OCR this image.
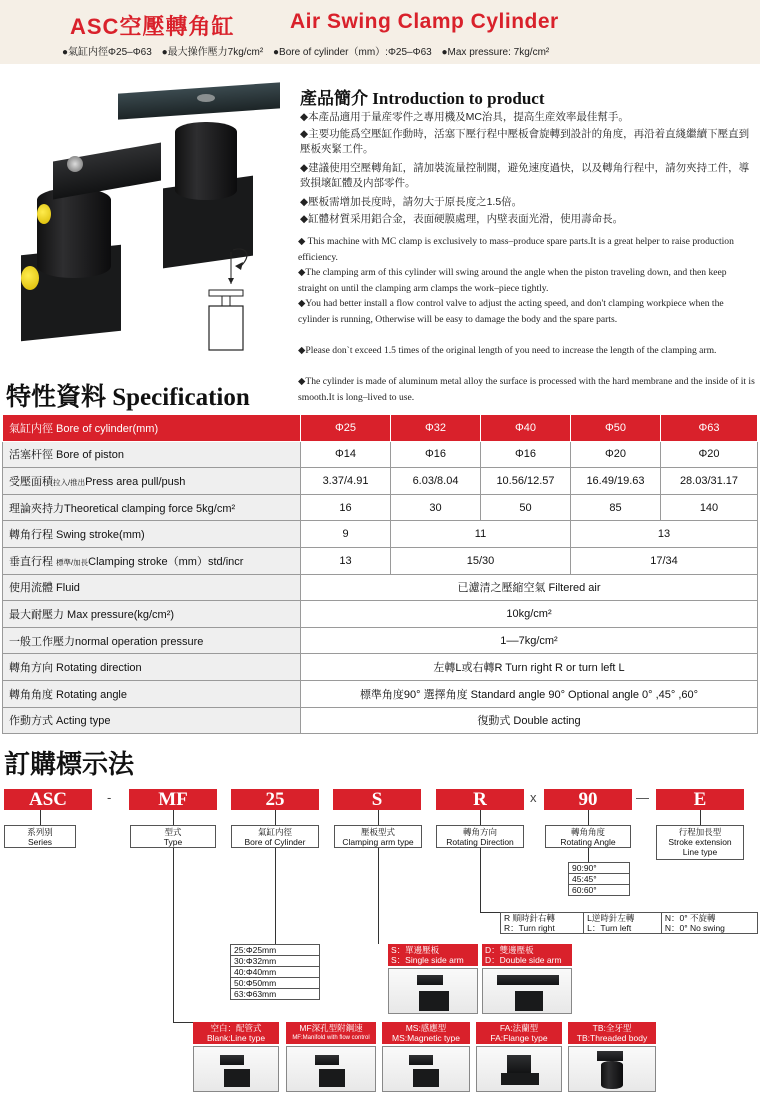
ASC空壓轉角缸	Air Swing Clamp Cylinder
●氣缸内徑Φ25–Φ63 ●最大操作壓力7kg/cm² ●Bore of cylinder（mm）:Φ25–Φ63 ●Max pressure: 7kg/cm²
產品簡介 Introduction to product
◆本產品適用于量産零件之專用機及MC治具，提高生産效率最佳幫手。
◆主要功能爲空壓缸作動時，活塞下壓行程中壓板會旋轉到設計的角度，再沿着直綫繼續下壓直到壓板夾緊工件。
◆建議使用空壓轉角缸，請加裝流量控制閥，避免速度過快，以及轉角行程中，請勿夾持工件，導致損壞缸體及内部零件。
◆壓板需增加長度時，請勿大于原長度之1.5倍。
◆缸體材質采用鋁合金，表面硬膜處理，内壁表面光滑，使用壽命長。
◆ This machine with MC clamp is exclusively to mass–produce spare parts.It is a great helper to raise production efficiency.
◆The clamping arm of this cylinder will swing around the angle when the piston traveling down, and then keep straight on until the clamping arm clamps the work–piece tightly.
◆You had better install a flow control valve to adjust the acting speed, and don't clamping workpiece when the cylinder is running, Otherwise will be easy to damage the body and the spare parts.
◆Please don`t exceed 1.5 times of the original length of you need to increase the length of the clamping arm.
◆The cylinder is made of aluminum metal alloy the surface is processed with the hard membrane and the inside of it is smooth.It is long–lived to use.
特性資料 Specification
氣缸内徑 Bore of cylinder(mm)	Φ25	Φ32	Φ40	Φ50	Φ63
活塞杆徑 Bore of piston	Φ14	Φ16	Φ16	Φ20	Φ20
受壓面積拉入/推出Press area pull/push	3.37/4.91	6.03/8.04	10.56/12.57	16.49/19.63	28.03/31.17
理論夾持力Theoretical clamping force 5kg/cm²	16	30	50	85	140
轉角行程 Swing stroke(mm)	9	11		13	
垂直行程 標準/加長Clamping stroke（mm）std/incr	13	15/30		17/34	
使用流體 Fluid	已濾清之壓縮空氣 Filtered air				
最大耐壓力 Max pressure(kg/cm²)	10kg/cm²				
一般工作壓力normal operation pressure	1––7kg/cm²				
轉角方向 Rotating direction	左轉L或右轉R Turn right R or turn left L				
轉角角度 Rotating angle	標準角度90° 選擇角度 Standard angle 90° Optional angle 0° ,45° ,60°				
作動方式 Acting type	復動式 Double acting				
訂購標示法
ASC	-	MF	25	S	R	x	90	—	E
系列别
Series
型式
Type
氣缸内徑
Bore of Cylinder
壓板型式
Clamping arm type
轉角方向
Rotating Direction
轉角角度
Rotating Angle
行程加長型
Stroke extension
Line type
90:90°
45:45°
60:60°
R 順時針右轉
R：Turn right

L逆時針左轉
L：Turn left

N：0° 不旋轉
N：0° No swing
25:Φ25mm
30:Φ32mm
40:Φ40mm
50:Φ50mm
63:Φ63mm
S：單邊壓板
S：Single side arm
D：雙邊壓板
D：Double side arm
空白：配管式
Blank:Line type
MF深孔型附鋼速
MF:Manifold with flow control
MS:感應型
MS:Magnetic type
FA:法蘭型
FA:Flange type
TB:全牙型
TB:Threaded body
